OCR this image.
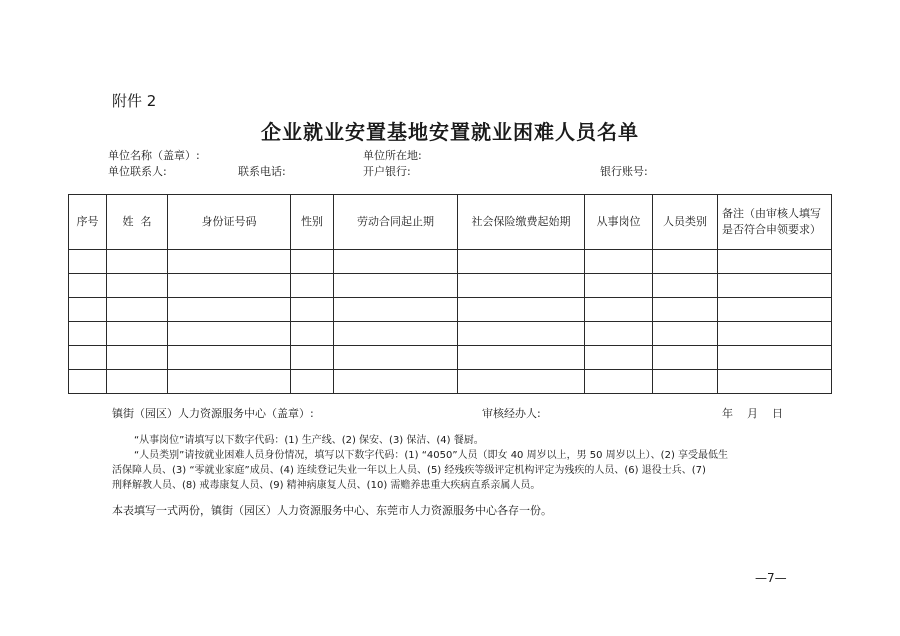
附件 2
企业就业安置基地安置就业困难人员名单
单位名称（盖章）:	单位所在地:
单位联系人:	联系电话:	开户银行:	银行账号:
序号	姓  名	身份证号码	性别	劳动合同起止期	社会保险缴费起始期	从事岗位	人员类别	备注（由审核人填写是否符合申领要求）

镇街（园区）人力资源服务中心（盖章）:	审核经办人:	年    月    日
“从事岗位”请填写以下数字代码：(1) 生产线、(2) 保安、(3) 保洁、(4) 餐厨。
“人员类别”请按就业困难人员身份情况，填写以下数字代码：(1) “4050”人员（即女 40 周岁以上，男 50 周岁以上）、(2) 享受最低生
活保障人员、(3) “零就业家庭”成员、(4) 连续登记失业一年以上人员、(5) 经残疾等级评定机构评定为残疾的人员、(6) 退役士兵、(7)
刑释解教人员、(8) 戒毒康复人员、(9) 精神病康复人员、(10) 需赡养患重大疾病直系亲属人员。
本表填写一式两份，镇街（园区）人力资源服务中心、东莞市人力资源服务中心各存一份。
—7—
